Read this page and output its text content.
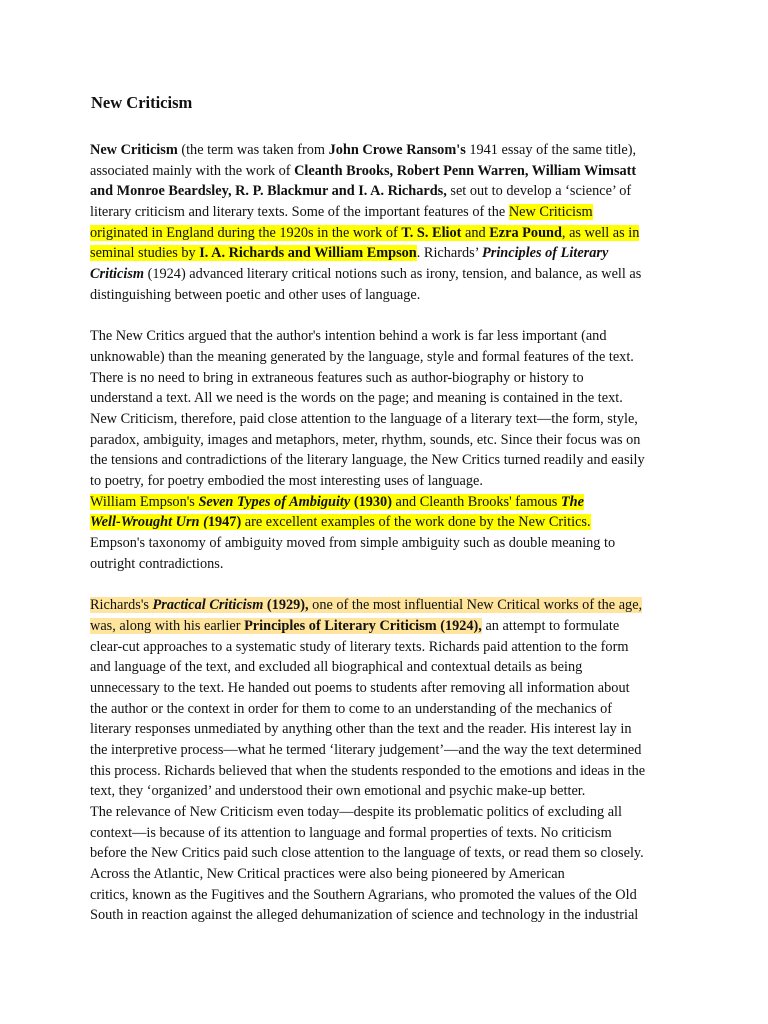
New Criticism
New Criticism (the term was taken from John Crowe Ransom's 1941 essay of the same title),
associated mainly with the work of Cleanth Brooks, Robert Penn Warren, William Wimsatt
and Monroe Beardsley, R. P. Blackmur and I. A. Richards, set out to develop a ‘science’ of
literary criticism and literary texts. Some of the important features of the New Criticism
originated in England during the 1920s in the work of T. S. Eliot and Ezra Pound, as well as in
seminal studies by I. A. Richards and William Empson. Richards’ Principles of Literary
Criticism (1924) advanced literary critical notions such as irony, tension, and balance, as well as
distinguishing between poetic and other uses of language.
The New Critics argued that the author's intention behind a work is far less important (and
unknowable) than the meaning generated by the language, style and formal features of the text.
There is no need to bring in extraneous features such as author-biography or history to
understand a text. All we need is the words on the page; and meaning is contained in the text.
New Criticism, therefore, paid close attention to the language of a literary text—the form, style,
paradox, ambiguity, images and metaphors, meter, rhythm, sounds, etc. Since their focus was on
the tensions and contradictions of the literary language, the New Critics turned readily and easily
to poetry, for poetry embodied the most interesting uses of language.
William Empson's Seven Types of Ambiguity (1930) and Cleanth Brooks' famous The
Well-Wrought Urn (1947) are excellent examples of the work done by the New Critics.
Empson's taxonomy of ambiguity moved from simple ambiguity such as double meaning to
outright contradictions.
Richards's Practical Criticism (1929), one of the most influential New Critical works of the age,
was, along with his earlier Principles of Literary Criticism (1924), an attempt to formulate
clear-cut approaches to a systematic study of literary texts. Richards paid attention to the form
and language of the text, and excluded all biographical and contextual details as being
unnecessary to the text. He handed out poems to students after removing all information about
the author or the context in order for them to come to an understanding of the mechanics of
literary responses unmediated by anything other than the text and the reader. His interest lay in
the interpretive process—what he termed ‘literary judgement’—and the way the text determined
this process. Richards believed that when the students responded to the emotions and ideas in the
text, they ‘organized’ and understood their own emotional and psychic make-up better.
The relevance of New Criticism even today—despite its problematic politics of excluding all
context—is because of its attention to language and formal properties of texts. No criticism
before the New Critics paid such close attention to the language of texts, or read them so closely.
Across the Atlantic, New Critical practices were also being pioneered by American
critics, known as the Fugitives and the Southern Agrarians, who promoted the values of the Old
South in reaction against the alleged dehumanization of science and technology in the industrial
